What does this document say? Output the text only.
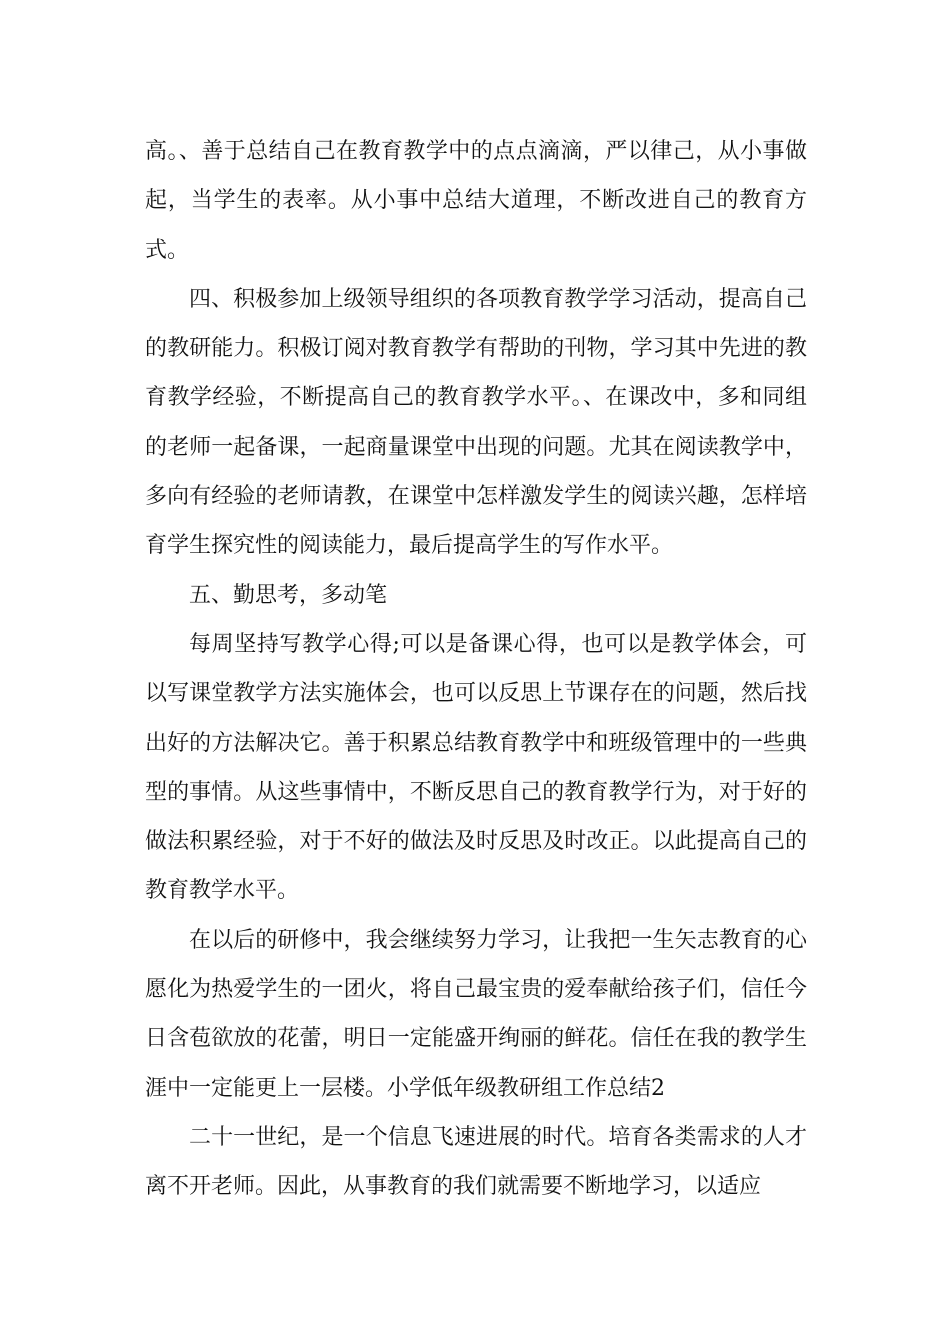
高。、善于总结自己在教育教学中的点点滴滴，严以律己，从小事做起，当学生的表率。从小事中总结大道理，不断改进自己的教育方式。

四、积极参加上级领导组织的各项教育教学学习活动，提高自己的教研能力。积极订阅对教育教学有帮助的刊物，学习其中先进的教育教学经验，不断提高自己的教育教学水平。、在课改中，多和同组的老师一起备课，一起商量课堂中出现的问题。尤其在阅读教学中，多向有经验的老师请教，在课堂中怎样激发学生的阅读兴趣，怎样培育学生探究性的阅读能力，最后提高学生的写作水平。

五、勤思考，多动笔

每周坚持写教学心得;可以是备课心得，也可以是教学体会，可以写课堂教学方法实施体会，也可以反思上节课存在的问题，然后找出好的方法解决它。善于积累总结教育教学中和班级管理中的一些典型的事情。从这些事情中，不断反思自己的教育教学行为，对于好的做法积累经验，对于不好的做法及时反思及时改正。以此提高自己的教育教学水平。

在以后的研修中，我会继续努力学习，让我把一生矢志教育的心愿化为热爱学生的一团火，将自己最宝贵的爱奉献给孩子们，信任今日含苞欲放的花蕾，明日一定能盛开绚丽的鲜花。信任在我的教学生涯中一定能更上一层楼。小学低年级教研组工作总结2

二十一世纪，是一个信息飞速进展的时代。培育各类需求的人才离不开老师。因此，从事教育的我们就需要不断地学习，以适应
